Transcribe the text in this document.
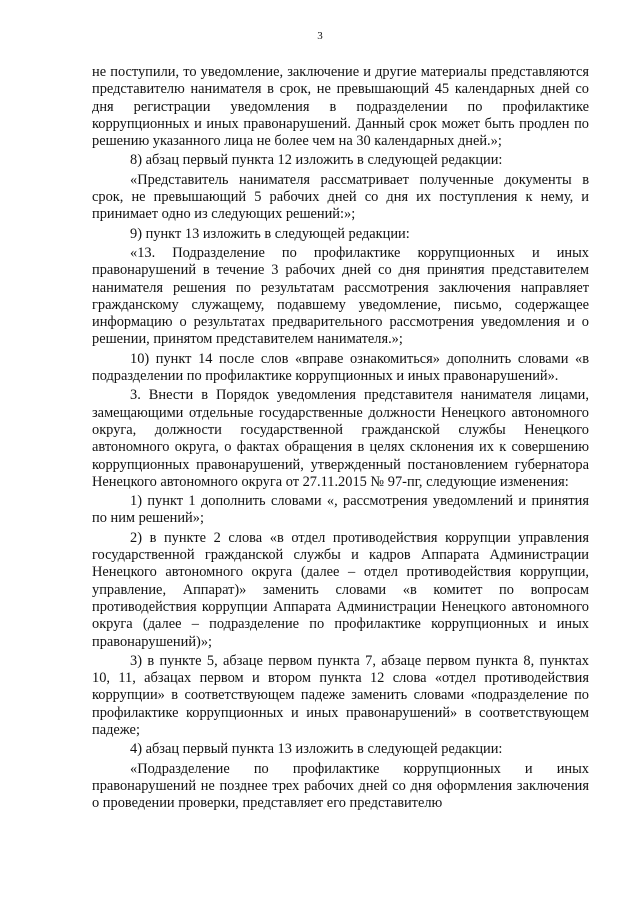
3

не поступили, то уведомление, заключение и другие материалы представляются представителю нанимателя в срок, не превышающий 45 календарных дней со дня регистрации уведомления в подразделении по профилактике коррупционных и иных правонарушений. Данный срок может быть продлен по решению указанного лица не более чем на 30 календарных дней.»;

8) абзац первый пункта 12 изложить в следующей редакции:

«Представитель нанимателя рассматривает полученные документы в срок, не превышающий 5 рабочих дней со дня их поступления к нему, и принимает одно из следующих решений:»;

9) пункт 13 изложить в следующей редакции:

«13. Подразделение по профилактике коррупционных и иных правонарушений в течение 3 рабочих дней со дня принятия представителем нанимателя решения по результатам рассмотрения заключения направляет гражданскому служащему, подавшему уведомление, письмо, содержащее информацию о результатах предварительного рассмотрения уведомления и о решении, принятом представителем нанимателя.»;

10) пункт 14 после слов «вправе ознакомиться» дополнить словами «в подразделении по профилактике коррупционных и иных правонарушений».

3. Внести в Порядок уведомления представителя нанимателя лицами, замещающими отдельные государственные должности Ненецкого автономного округа, должности государственной гражданской службы Ненецкого автономного округа, о фактах обращения в целях склонения их к совершению коррупционных правонарушений, утвержденный постановлением губернатора Ненецкого автономного округа от 27.11.2015 № 97-пг, следующие изменения:

1) пункт 1 дополнить словами «, рассмотрения уведомлений и принятия по ним решений»;

2) в пункте 2 слова «в отдел противодействия коррупции управления государственной гражданской службы и кадров Аппарата Администрации Ненецкого автономного округа (далее – отдел противодействия коррупции, управление, Аппарат)» заменить словами «в комитет по вопросам противодействия коррупции Аппарата Администрации Ненецкого автономного округа (далее – подразделение по профилактике коррупционных и иных правонарушений)»;

3) в пункте 5, абзаце первом пункта 7, абзаце первом пункта 8, пунктах 10, 11, абзацах первом и втором пункта 12 слова «отдел противодействия коррупции» в соответствующем падеже заменить словами «подразделение по профилактике коррупционных и иных правонарушений» в соответствующем падеже;

4) абзац первый пункта 13 изложить в следующей редакции:

«Подразделение по профилактике коррупционных и иных правонарушений не позднее трех рабочих дней со дня оформления заключения о проведении проверки, представляет его представителю
